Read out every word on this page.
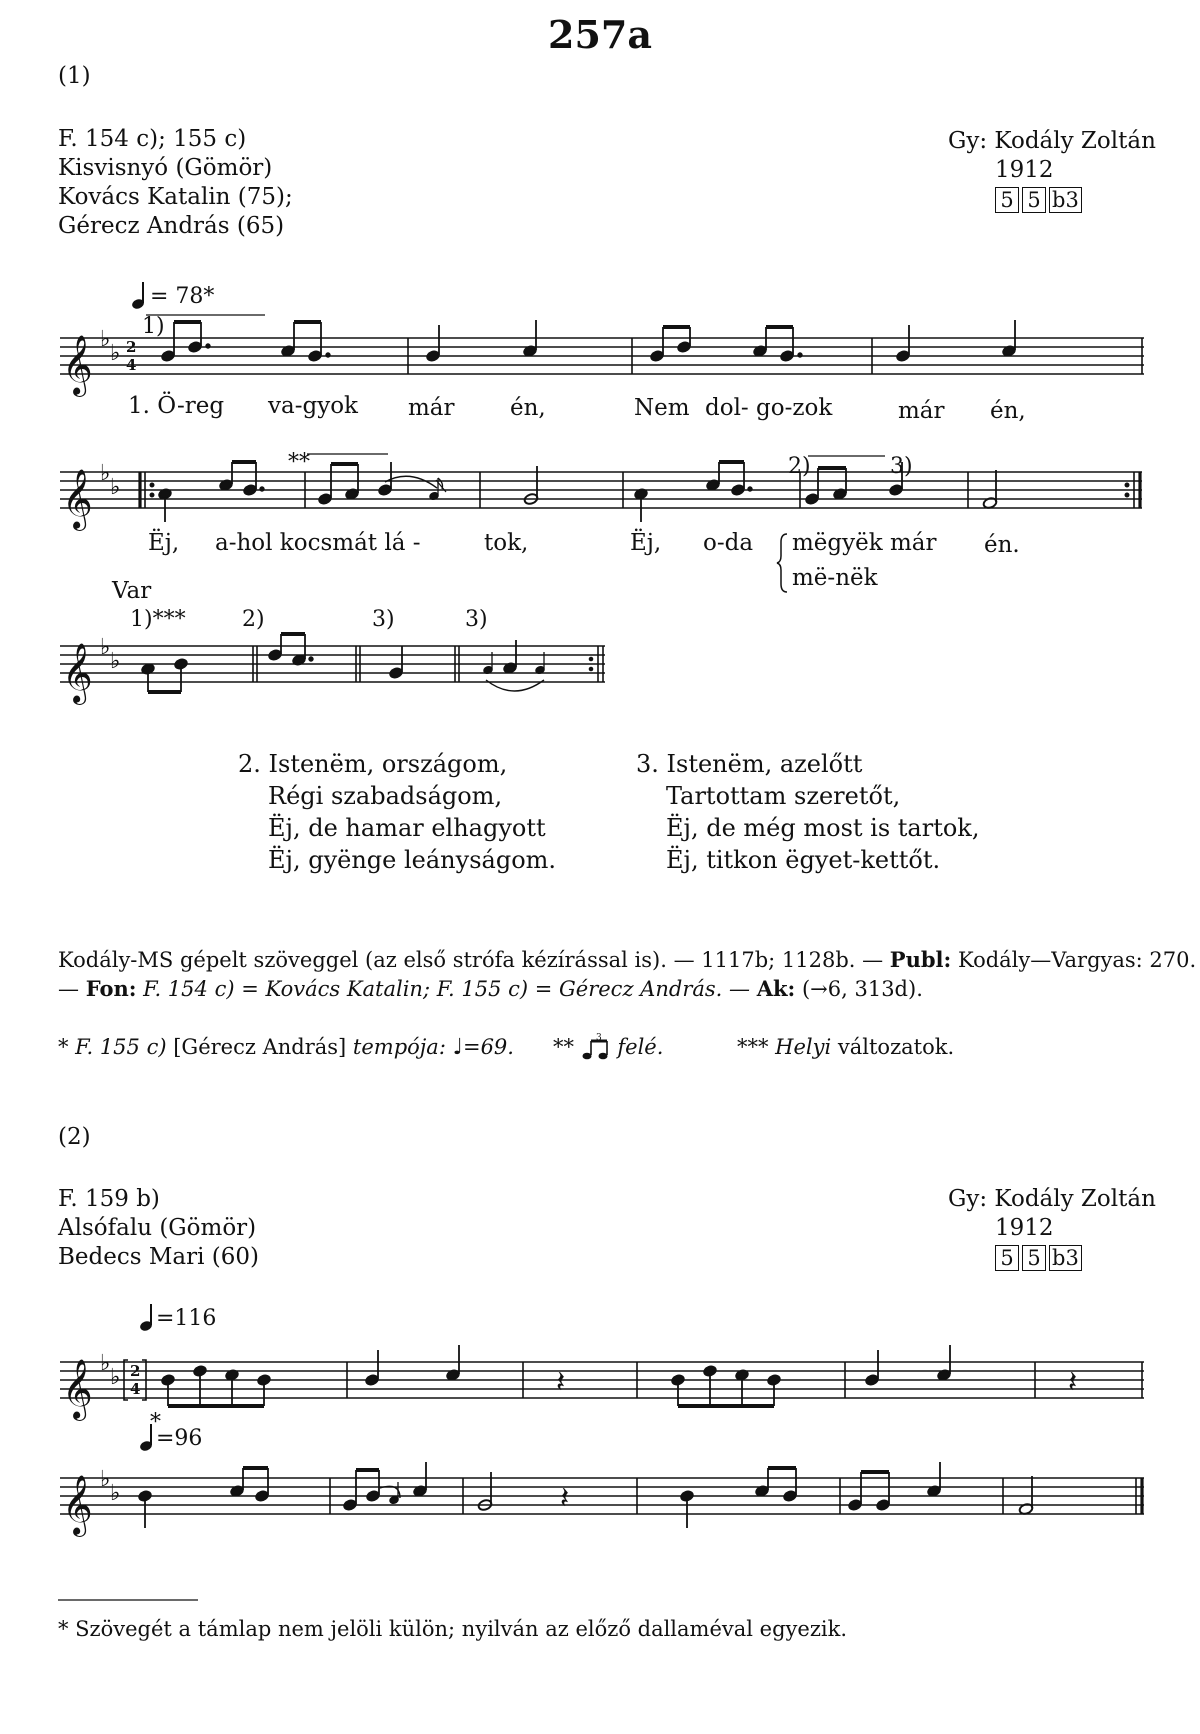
257a
(1)
F. 154 c); 155 c)
Kisvisnyó (Gömör)
Kovács Katalin (75);
Gérecz András (65)
Gy: Kodály Zoltán
1912
5 5 b3
= 78*
1)
𝄞
𝄞
𝄞
𝄞
𝄞
♭
♭
♭
♭
♭
♭
♭
♭
♭
♭
2
4
2
4	𝄽	𝄽
𝄽
**	2)	3)
1. Ö-reg va-gyok már én,	Nem dol- go-zok	már én,
Ëj, a-hol kocsmát lá -	tok,	Ëj, o-da mëgyëk már én.
më-nëk
Var
1)***	2)	3)	3)
2. Istenëm, országom,
Régi szabadságom,
Ëj, de hamar elhagyott
Ëj, gyënge leányságom.
3. Istenëm, azelőtt
Tartottam szeretőt,
Ëj, de még most is tartok,
Ëj, titkon ëgyet-kettőt.
Kodály-MS gépelt szöveggel (az első strófa kézírással is). — 1117b; 1128b. — Publ: Kodály—Vargyas: 270.
— Fon: F. 154 c) = Kovács Katalin; F. 155 c) = Gérecz András. — Ak: (→6, 313d).
* F. 155 c) [Gérecz András] tempója: ♩=69. ** 3 felé.	*** Helyi változatok.
(2)
F. 159 b)
Alsófalu (Gömör)
Bedecs Mari (60)
Gy: Kodály Zoltán
1912
5 5 b3
=116
*
=96
* Szövegét a támlap nem jelöli külön; nyilván az előző dallaméval egyezik.
